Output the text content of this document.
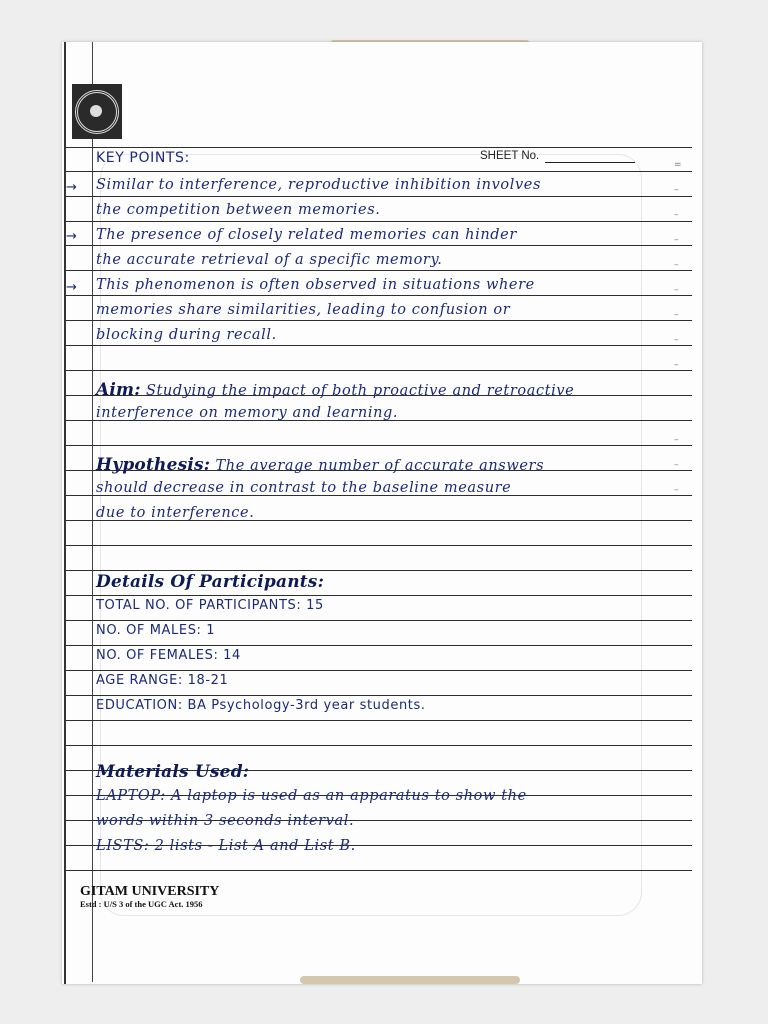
SHEET No.
=
–
–
–
–
–
–
–
–
–
–
–
KEY POINTS:
→ Similar to interference, reproductive inhibition involves
the competition between memories.
→ The presence of closely related memories can hinder
the accurate retrieval of a specific memory.
→ This phenomenon is often observed in situations where
memories share similarities, leading to confusion or
blocking during recall.
Aim: Studying the impact of both proactive and retroactive
interference on memory and learning.
Hypothesis: The average number of accurate answers
should decrease in contrast to the baseline measure
due to interference.
Details Of Participants:
TOTAL NO. OF PARTICIPANTS: 15
NO. OF MALES: 1
NO. OF FEMALES: 14
AGE RANGE: 18-21
EDUCATION: BA Psychology-3rd year students.
Materials Used:
LAPTOP: A laptop is used as an apparatus to show the
words within 3 seconds interval.
LISTS: 2 lists - List A and List B.
GITAM UNIVERSITY
Estd : U/S 3 of the UGC Act. 1956
